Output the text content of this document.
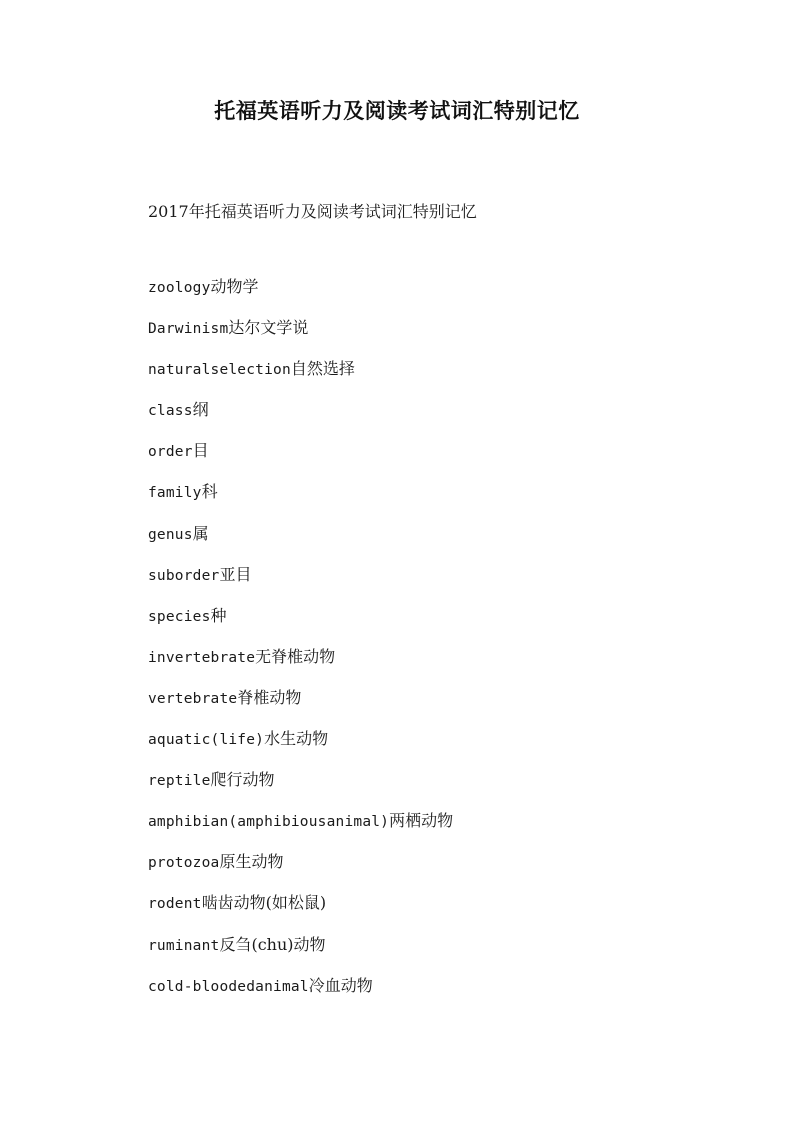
托福英语听力及阅读考试词汇特别记忆
2017年托福英语听力及阅读考试词汇特别记忆
zoology动物学
Darwinism达尔文学说
naturalselection自然选择
class纲
order目
family科
genus属
suborder亚目
species种
invertebrate无脊椎动物
vertebrate脊椎动物
aquatic(life)水生动物
reptile爬行动物
amphibian(amphibiousanimal)两栖动物
protozoa原生动物
rodent啮齿动物(如松鼠)
ruminant反刍(chu)动物
cold-bloodedanimal冷血动物
